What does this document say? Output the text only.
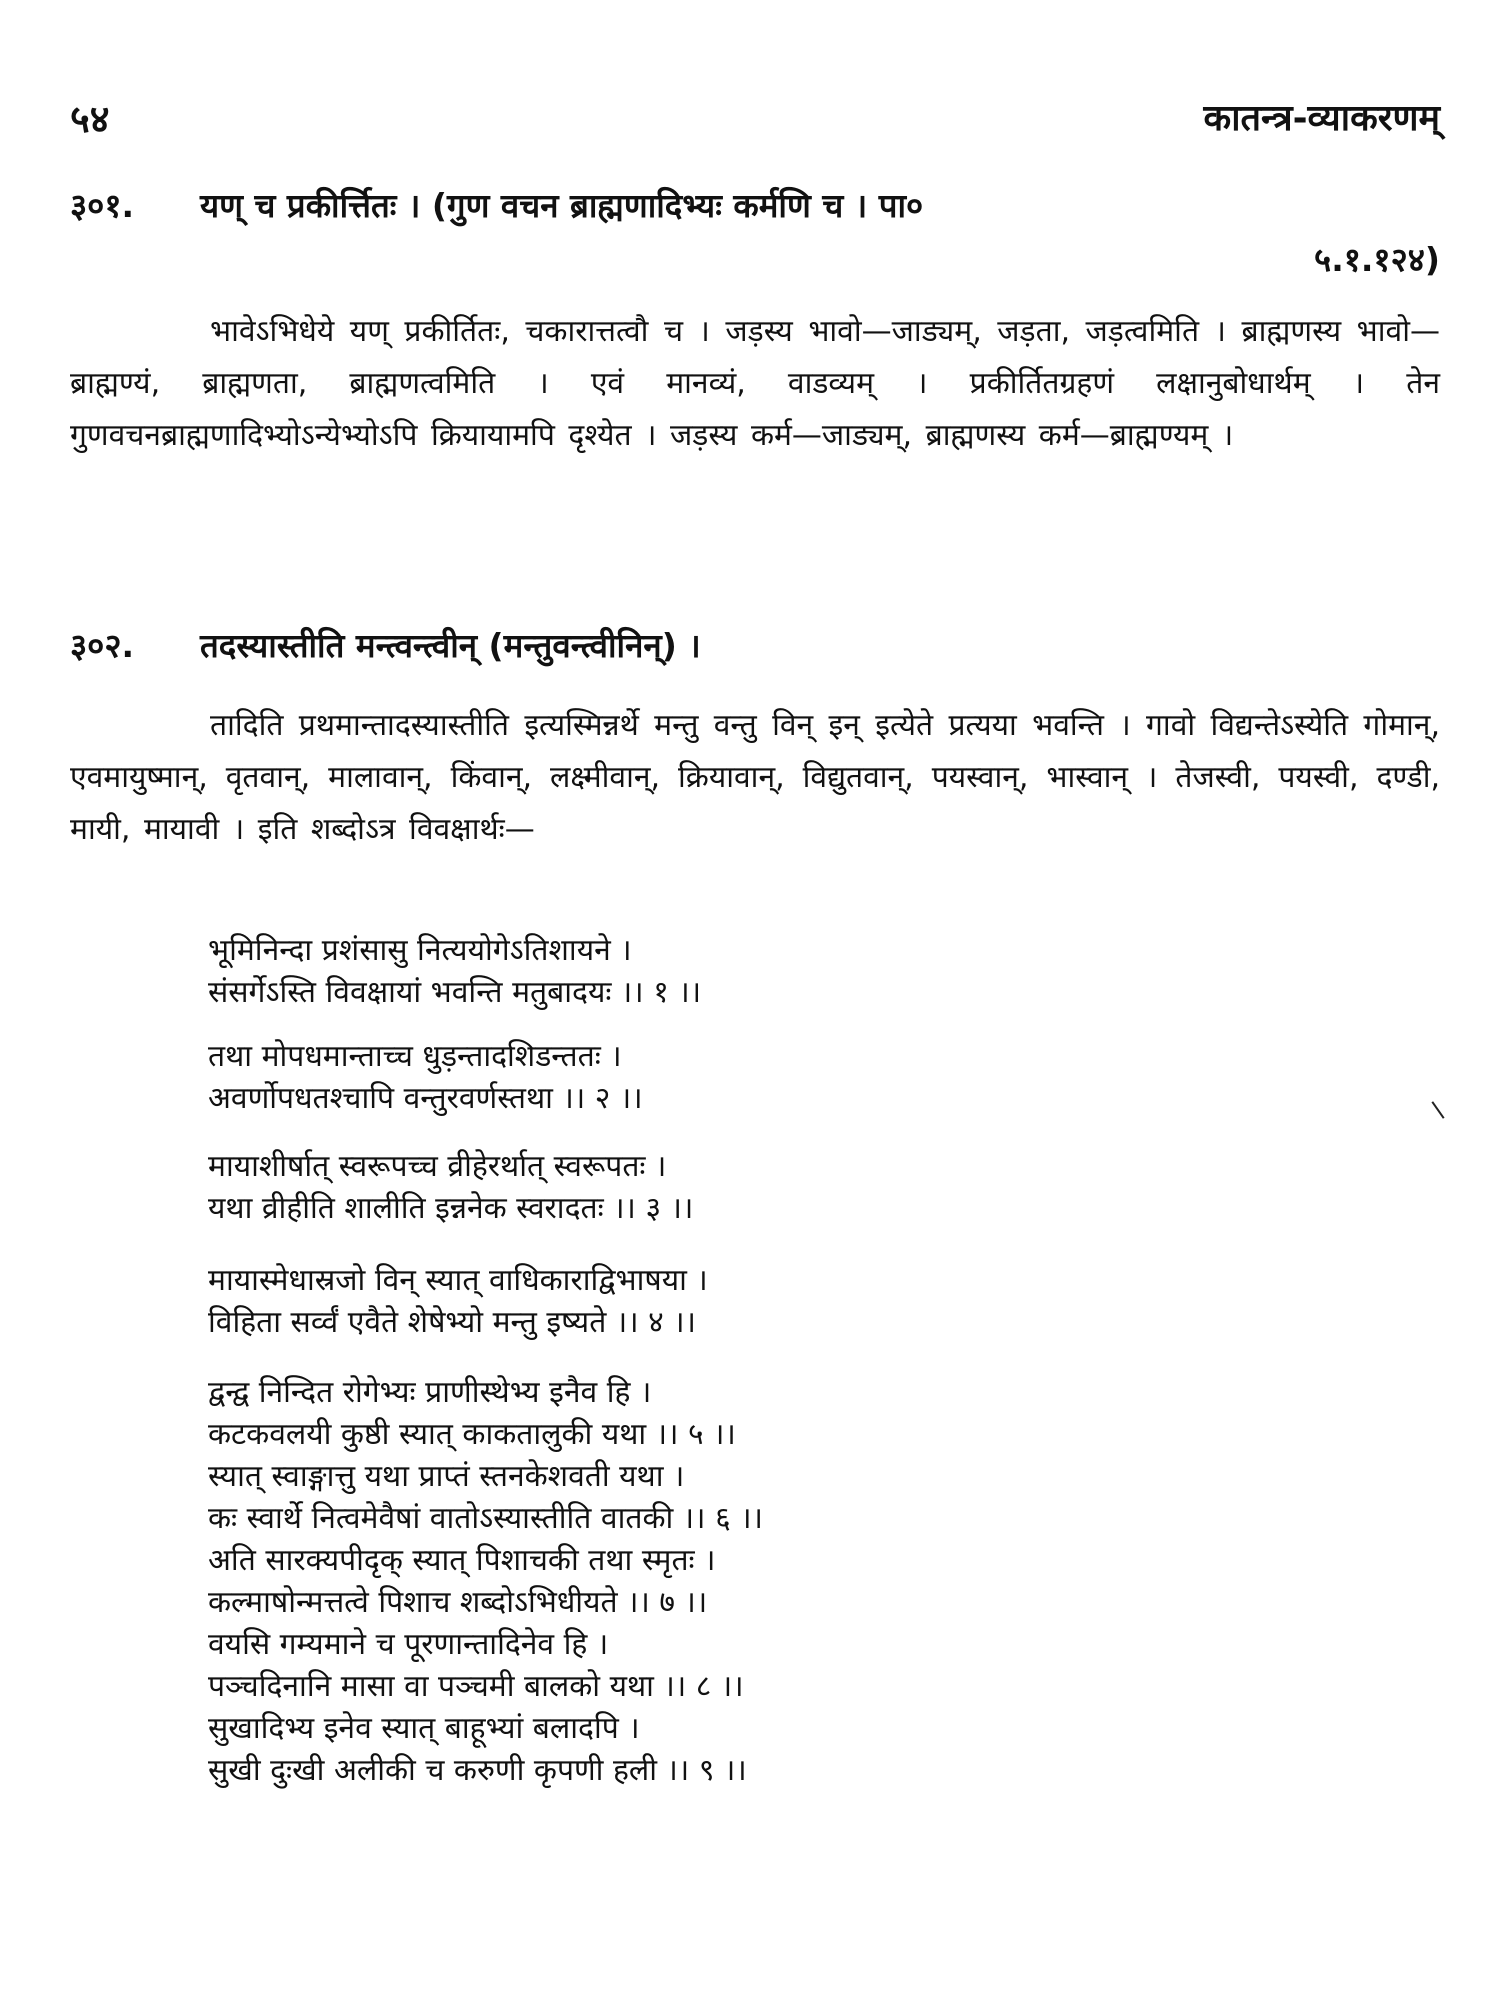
५४	कातन्त्र-व्याकरणम्
३०१. यण् च प्रकीर्त्तितः । (गुण वचन ब्राह्मणादिभ्यः कर्मणि च । पा०
५.१.१२४)

भावेऽभिधेये यण् प्रकीर्तितः, चकारात्तत्वौ च । जड़स्य भावो—जाड्यम्, जड़ता, जड़त्वमिति । ब्राह्मणस्य भावो—ब्राह्मण्यं, ब्राह्मणता, ब्राह्मणत्वमिति । एवं मानव्यं, वाडव्यम् । प्रकीर्तितग्रहणं लक्षानुबोधार्थम् । तेन गुणवचनब्राह्मणादिभ्योऽन्येभ्योऽपि क्रियायामपि दृश्येत । जड़स्य कर्म—जाड्यम्, ब्राह्मणस्य कर्म—ब्राह्मण्यम् ।

३०२. तदस्यास्तीति मन्त्वन्त्वीन् (मन्तुवन्त्वीनिन्) ।

तादिति प्रथमान्तादस्यास्तीति इत्यस्मिन्नर्थे मन्तु वन्तु विन् इन् इत्येते प्रत्यया भवन्ति । गावो विद्यन्तेऽस्येति गोमान्, एवमायुष्मान्, वृतवान्, मालावान्, किंवान्, लक्ष्मीवान्, क्रियावान्, विद्युतवान्, पयस्वान्, भास्वान् । तेजस्वी, पयस्वी, दण्डी, मायी, मायावी । इति शब्दोऽत्र विवक्षार्थः—

भूमिनिन्दा प्रशंसासु नित्ययोगेऽतिशायने ।
संसर्गेऽस्ति विवक्षायां भवन्ति मतुबादयः ।। १ ।।
तथा मोपधमान्ताच्च धुड़न्तादशिडन्ततः ।
अवर्णोपधतश्चापि वन्तुरवर्णस्तथा ।। २ ।।
मायाशीर्षात् स्वरूपच्च व्रीहेरर्थात् स्वरूपतः ।
यथा व्रीहीति शालीति इन्ननेक स्वरादतः ।। ३ ।।
मायास्मेधास्रजो विन् स्यात् वाधिकाराद्विभाषया ।
विहिता सर्व्वं एवैते शेषेभ्यो मन्तु इष्यते ।। ४ ।।
द्वन्द्व निन्दित रोगेभ्यः प्राणीस्थेभ्य इनैव हि ।
कटकवलयी कुष्ठी स्यात् काकतालुकी यथा ।। ५ ।।
स्यात् स्वाङ्गात्तु यथा प्राप्तं स्तनकेशवती यथा ।
कः स्वार्थे नित्वमेवैषां वातोऽस्यास्तीति वातकी ।। ६ ।।
अति सारक्यपीदृक् स्यात् पिशाचकी तथा स्मृतः ।
कल्माषोन्मत्तत्वे पिशाच शब्दोऽभिधीयते ।। ७ ।।
वयसि गम्यमाने च पूरणान्तादिनेव हि ।
पञ्चदिनानि मासा वा पञ्चमी बालको यथा ।। ८ ।।
सुखादिभ्य इनेव स्यात् बाहूभ्यां बलादपि ।
सुखी दुःखी अलीकी च करुणी कृपणी हली ।। ९ ।।
